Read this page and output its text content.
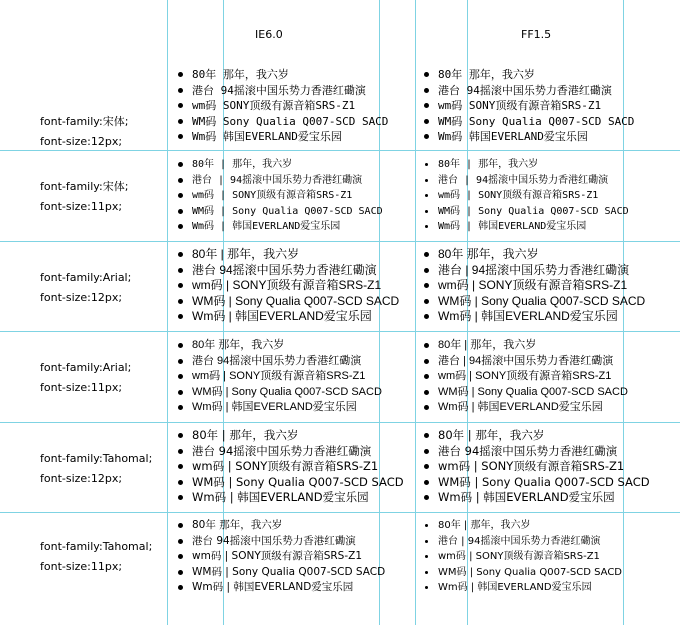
IE6.0	FF1.5
font-family:宋体;
font-size:12px;
80年 那年，我六岁
港台 94摇滚中国乐势力香港红磡演
wm码 SONY顶级有源音箱SRS-Z1
WM码 Sony Qualia Q007-SCD SACD
Wm码 韩国EVERLAND爱宝乐园
80年 那年，我六岁
港台 94摇滚中国乐势力香港红磡演
wm码 SONY顶级有源音箱SRS-Z1
WM码 Sony Qualia Q007-SCD SACD
Wm码 韩国EVERLAND爱宝乐园
font-family:宋体;
font-size:11px;
80年 | 那年，我六岁
港台 | 94摇滚中国乐势力香港红磡演
wm码 | SONY顶级有源音箱SRS-Z1
WM码 | Sony Qualia Q007-SCD SACD
Wm码 | 韩国EVERLAND爱宝乐园
80年 | 那年，我六岁
港台 | 94摇滚中国乐势力香港红磡演
wm码 | SONY顶级有源音箱SRS-Z1
WM码 | Sony Qualia Q007-SCD SACD
Wm码 | 韩国EVERLAND爱宝乐园
font-family:Arial;
font-size:12px;
80年 | 那年，我六岁
港台 94摇滚中国乐势力香港红磡演
wm码 | SONY顶级有源音箱SRS-Z1
WM码 | Sony Qualia Q007-SCD SACD
Wm码 | 韩国EVERLAND爱宝乐园
80年 那年，我六岁
港台 | 94摇滚中国乐势力香港红磡演
wm码 | SONY顶级有源音箱SRS-Z1
WM码 | Sony Qualia Q007-SCD SACD
Wm码 | 韩国EVERLAND爱宝乐园
font-family:Arial;
font-size:11px;
80年 那年，我六岁
港台 94摇滚中国乐势力香港红磡演
wm码 | SONY顶级有源音箱SRS-Z1
WM码 | Sony Qualia Q007-SCD SACD
Wm码 | 韩国EVERLAND爱宝乐园
80年 | 那年，我六岁
港台 | 94摇滚中国乐势力香港红磡演
wm码 | SONY顶级有源音箱SRS-Z1
WM码 | Sony Qualia Q007-SCD SACD
Wm码 | 韩国EVERLAND爱宝乐园
font-family:Tahomal;
font-size:12px;
80年 | 那年，我六岁
港台 94摇滚中国乐势力香港红磡演
wm码 | SONY顶级有源音箱SRS-Z1
WM码 | Sony Qualia Q007-SCD SACD
Wm码 | 韩国EVERLAND爱宝乐园
80年 | 那年，我六岁
港台 94摇滚中国乐势力香港红磡演
wm码 | SONY顶级有源音箱SRS-Z1
WM码 | Sony Qualia Q007-SCD SACD
Wm码 | 韩国EVERLAND爱宝乐园
font-family:Tahomal;
font-size:11px;
80年 那年，我六岁
港台 94摇滚中国乐势力香港红磡演
wm码 | SONY顶级有源音箱SRS-Z1
WM码 | Sony Qualia Q007-SCD SACD
Wm码 | 韩国EVERLAND爱宝乐园
80年 | 那年，我六岁
港台 | 94摇滚中国乐势力香港红磡演
wm码 | SONY顶级有源音箱SRS-Z1
WM码 | Sony Qualia Q007-SCD SACD
Wm码 | 韩国EVERLAND爱宝乐园
